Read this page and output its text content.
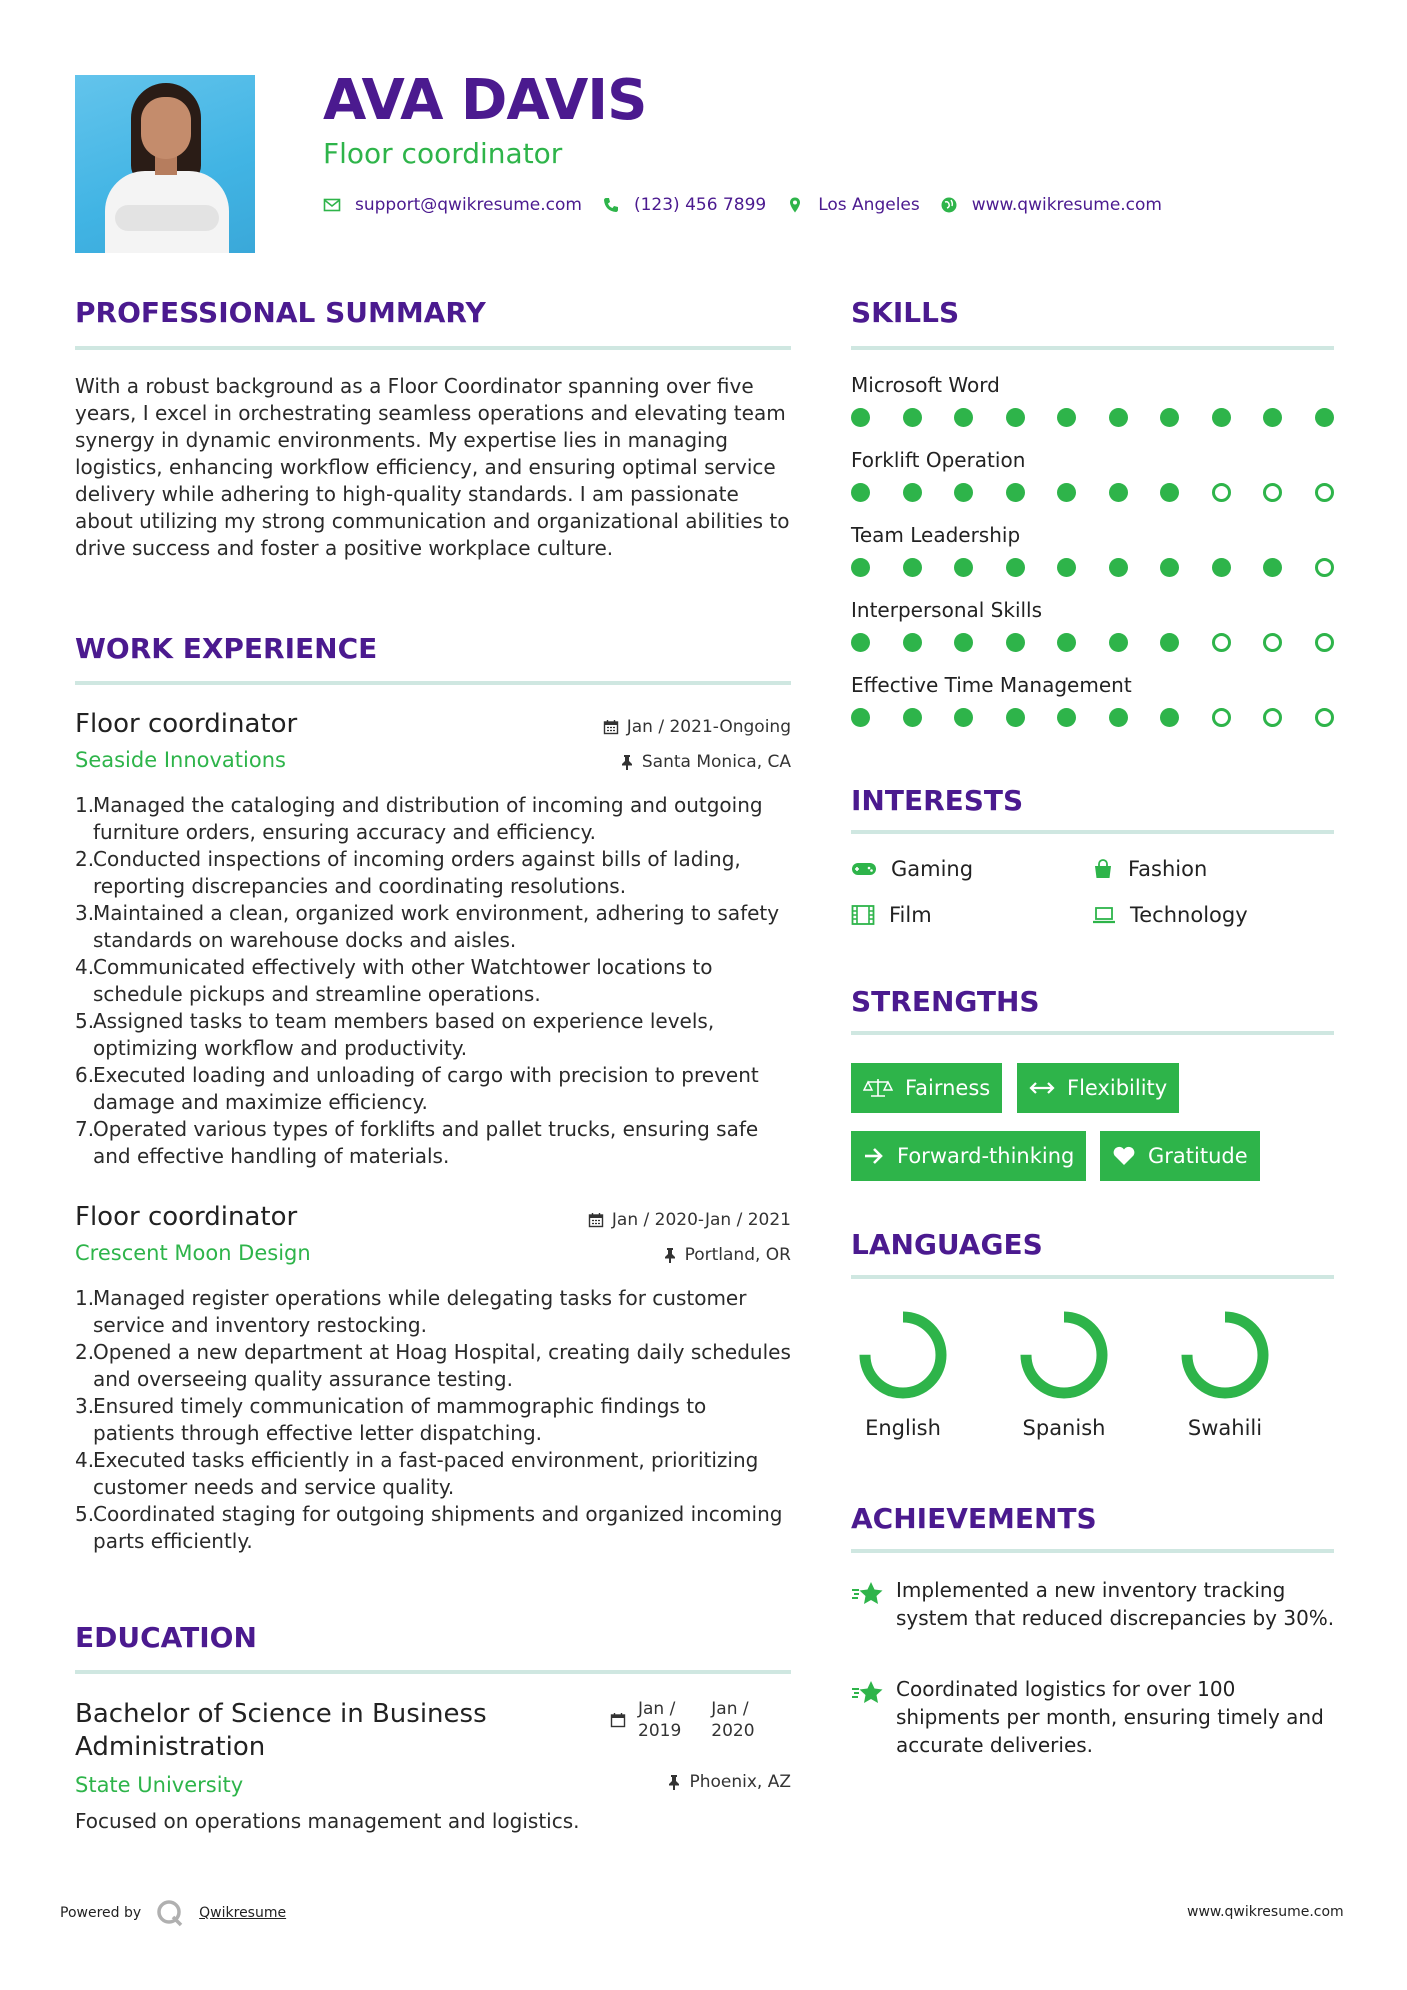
AVA DAVIS
Floor coordinator
support@qwikresume.com	(123) 456 7899	Los Angeles	www.qwikresume.com
PROFESSIONAL SUMMARY
With a robust background as a Floor Coordinator spanning over five years, I excel in orchestrating seamless operations and elevating team synergy in dynamic environments. My expertise lies in managing logistics, enhancing workflow efficiency, and ensuring optimal service delivery while adhering to high-quality standards. I am passionate about utilizing my strong communication and organizational abilities to drive success and foster a positive workplace culture.
WORK EXPERIENCE
Floor coordinator	Jan / 2021-Ongoing
Seaside Innovations	Santa Monica, CA
1.
Managed the cataloging and distribution of incoming and outgoing furniture orders, ensuring accuracy and efficiency.
2.
Conducted inspections of incoming orders against bills of lading, reporting discrepancies and coordinating resolutions.
3.
Maintained a clean, organized work environment, adhering to safety standards on warehouse docks and aisles.
4.
Communicated effectively with other Watchtower locations to schedule pickups and streamline operations.
5.
Assigned tasks to team members based on experience levels, optimizing workflow and productivity.
6.
Executed loading and unloading of cargo with precision to prevent damage and maximize efficiency.
7.
Operated various types of forklifts and pallet trucks, ensuring safe and effective handling of materials.
Floor coordinator	Jan / 2020-Jan / 2021
Crescent Moon Design	Portland, OR
1.
Managed register operations while delegating tasks for customer service and inventory restocking.
2.
Opened a new department at Hoag Hospital, creating daily schedules and overseeing quality assurance testing.
3.
Ensured timely communication of mammographic findings to patients through effective letter dispatching.
4.
Executed tasks efficiently in a fast-paced environment, prioritizing customer needs and service quality.
5.
Coordinated staging for outgoing shipments and organized incoming parts efficiently.
EDUCATION
Bachelor of Science in Business
Administration
Jan /
2019
Jan /
2020
State University	Phoenix, AZ
Focused on operations management and logistics.
SKILLS
Microsoft Word
Forklift Operation
Team Leadership
Interpersonal Skills
Effective Time Management
INTERESTS
Gaming	Fashion
Film	Technology
STRENGTHS
Fairness	Flexibility
Forward-thinking	Gratitude
LANGUAGES
English	Spanish	Swahili
ACHIEVEMENTS
Implemented a new inventory tracking system that reduced discrepancies by 30%.
Coordinated logistics for over 100 shipments per month, ensuring timely and accurate deliveries.
Powered by	Qwikresume	www.qwikresume.com
